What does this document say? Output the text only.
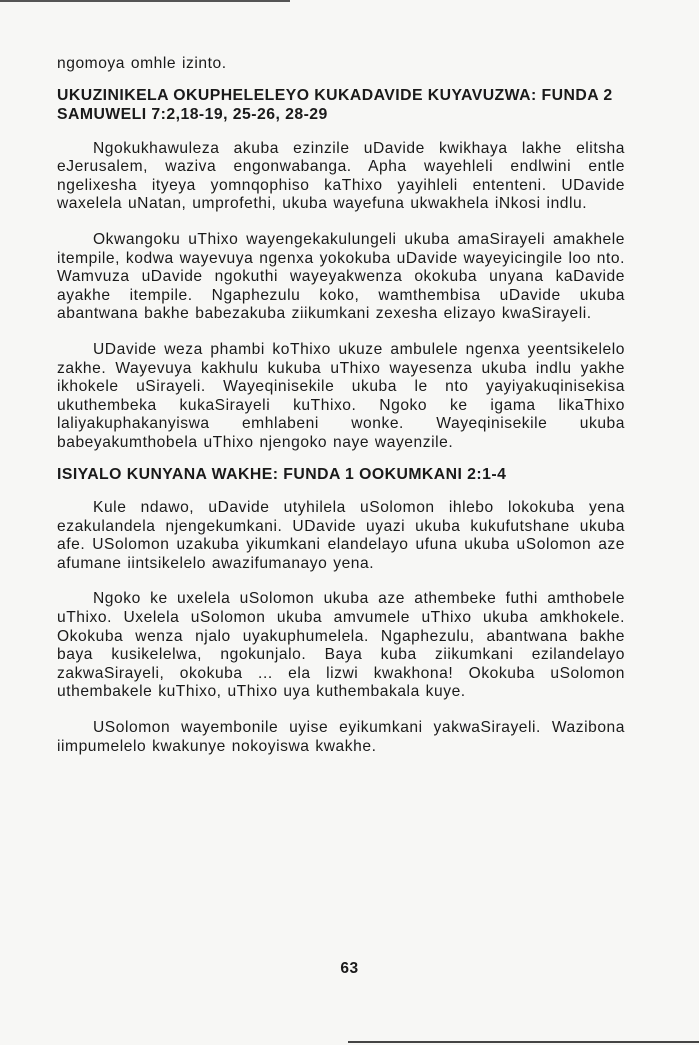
ngomoya omhle izinto.

UKUZINIKELA OKUPHELELEYO KUKADAVIDE KUYAVUZWA: FUNDA 2 SAMUWELI 7:2,18-19, 25-26, 28-29

Ngokukhawuleza akuba ezinzile uDavide kwikhaya lakhe elitsha eJerusalem, waziva engonwabanga. Apha wayehleli endlwini entle ngelixesha ityeya yomnqophiso kaThixo yayihleli ententeni. UDavide waxelela uNatan, umprofethi, ukuba wayefuna ukwakhela iNkosi indlu.

Okwangoku uThixo wayengekakulungeli ukuba amaSirayeli amakhele itempile, kodwa wayevuya ngenxa yokokuba uDavide wayeyicingile loo nto. Wamvuza uDavide ngokuthi wayeyakwenza okokuba unyana kaDavide ayakhe itempile. Ngaphezulu koko, wamthembisa uDavide ukuba abantwana bakhe babezakuba ziikumkani zexesha elizayo kwaSirayeli.

UDavide weza phambi koThixo ukuze ambulele ngenxa yeentsikelelo zakhe. Wayevuya kakhulu kukuba uThixo wayesenza ukuba indlu yakhe ikhokele uSirayeli. Wayeqinisekile ukuba le nto yayiyakuqinisekisa ukuthembeka kukaSirayeli kuThixo. Ngoko ke igama likaThixo laliyakuphakanyiswa emhlabeni wonke. Wayeqinisekile ukuba babeyakumthobela uThixo njengoko naye wayenzile.

ISIYALO KUNYANA WAKHE: FUNDA 1 OOKUMKANI 2:1-4

Kule ndawo, uDavide utyhilela uSolomon ihlebo lokokuba yena ezakulandela njengekumkani. UDavide uyazi ukuba kukufutshane ukuba afe. USolomon uzakuba yikumkani elandelayo ufuna ukuba uSolomon aze afumane iintsikelelo awazifumanayo yena.

Ngoko ke uxelela uSolomon ukuba aze athembeke futhi amthobele uThixo. Uxelela uSolomon ukuba amvumele uThixo ukuba amkhokele. Okokuba wenza njalo uyakuphumelela. Ngaphezulu, abantwana bakhe baya kusikelelwa, ngokunjalo. Baya kuba ziikumkani ezilandelayo zakwaSirayeli, okokuba ... ela lizwi kwakhona! Okokuba uSolomon uthembakele kuThixo, uThixo uya kuthembakala kuye.

USolomon wayembonile uyise eyikumkani yakwaSirayeli. Wazibona iimpumelelo kwakunye nokoyiswa kwakhe.

63
